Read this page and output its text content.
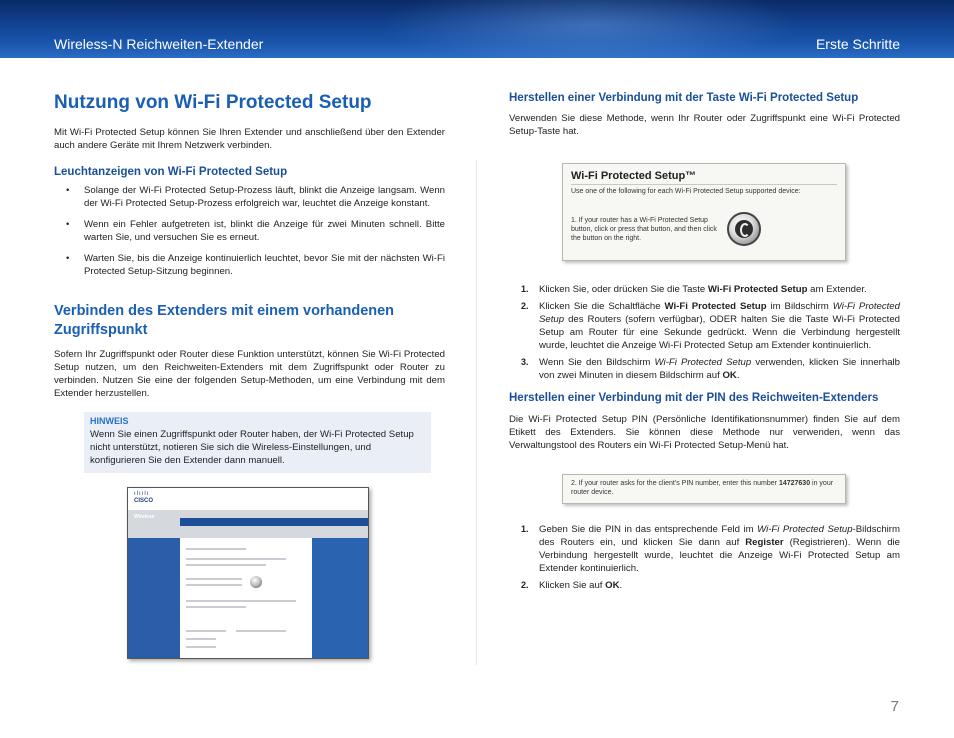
Wireless-N Reichweiten-Extender	Erste Schritte
Nutzung von Wi-Fi Protected Setup

Mit Wi-Fi Protected Setup können Sie Ihren Extender und anschließend über den Extender auch andere Geräte mit Ihrem Netzwerk verbinden.

Leuchtanzeigen von Wi-Fi Protected Setup
• Solange der Wi-Fi Protected Setup-Prozess läuft, blinkt die Anzeige langsam. Wenn der Wi-Fi Protected Setup-Prozess erfolgreich war, leuchtet die Anzeige konstant.
• Wenn ein Fehler aufgetreten ist, blinkt die Anzeige für zwei Minuten schnell. Bitte warten Sie, und versuchen Sie es erneut.
• Warten Sie, bis die Anzeige kontinuierlich leuchtet, bevor Sie mit der nächsten Wi-Fi Protected Setup-Sitzung beginnen.
Verbinden des Extenders mit einem vorhandenen Zugriffspunkt

Sofern Ihr Zugriffspunkt oder Router diese Funktion unterstützt, können Sie Wi-Fi Protected Setup nutzen, um den Reichweiten-Extenders mit dem Zugriffspunkt oder Router zu verbinden. Nutzen Sie eine der folgenden Setup-Methoden, um eine Verbindung mit dem Extender herzustellen.

HINWEIS

Wenn Sie einen Zugriffspunkt oder Router haben, der Wi-Fi Protected Setup nicht unterstützt, notieren Sie sich die Wireless-Einstellungen, und konfigurieren Sie den Extender dann manuell.

ılıılı
CISCO
Wireless
Herstellen einer Verbindung mit der Taste Wi-Fi Protected Setup

Verwenden Sie diese Methode, wenn Ihr Router oder Zugriffspunkt eine Wi-Fi Protected Setup-Taste hat.

Wi-Fi Protected Setup™
Use one of the following for each Wi-Fi Protected Setup supported device:
1. If your router has a Wi-Fi Protected Setup button, click or press that button, and then click the button on the right.
1. Klicken Sie, oder drücken Sie die Taste Wi-Fi Protected Setup am Extender.
2. Klicken Sie die Schaltfläche Wi-Fi Protected Setup im Bildschirm Wi-Fi Protected Setup des Routers (sofern verfügbar), ODER halten Sie die Taste Wi-Fi Protected Setup am Router für eine Sekunde gedrückt. Wenn die Verbindung hergestellt wurde, leuchtet die Anzeige Wi-Fi Protected Setup am Extender kontinuierlich.
3. Wenn Sie den Bildschirm Wi-Fi Protected Setup verwenden, klicken Sie innerhalb von zwei Minuten in diesem Bildschirm auf OK.
Herstellen einer Verbindung mit der PIN des Reichweiten-Extenders

Die Wi-Fi Protected Setup PIN (Persönliche Identifikationsnummer) finden Sie auf dem Etikett des Extenders. Sie können diese Methode nur verwenden, wenn das Verwaltungstool des Routers ein Wi-Fi Protected Setup-Menü hat.

2. If your router asks for the client's PIN number, enter this number 14727630 in your router device.
1. Geben Sie die PIN in das entsprechende Feld im Wi-Fi Protected Setup-Bildschirm des Routers ein, und klicken Sie dann auf Register (Registrieren). Wenn die Verbindung hergestellt wurde, leuchtet die Anzeige Wi-Fi Protected Setup am Extender kontinuierlich.
2. Klicken Sie auf OK.
7
